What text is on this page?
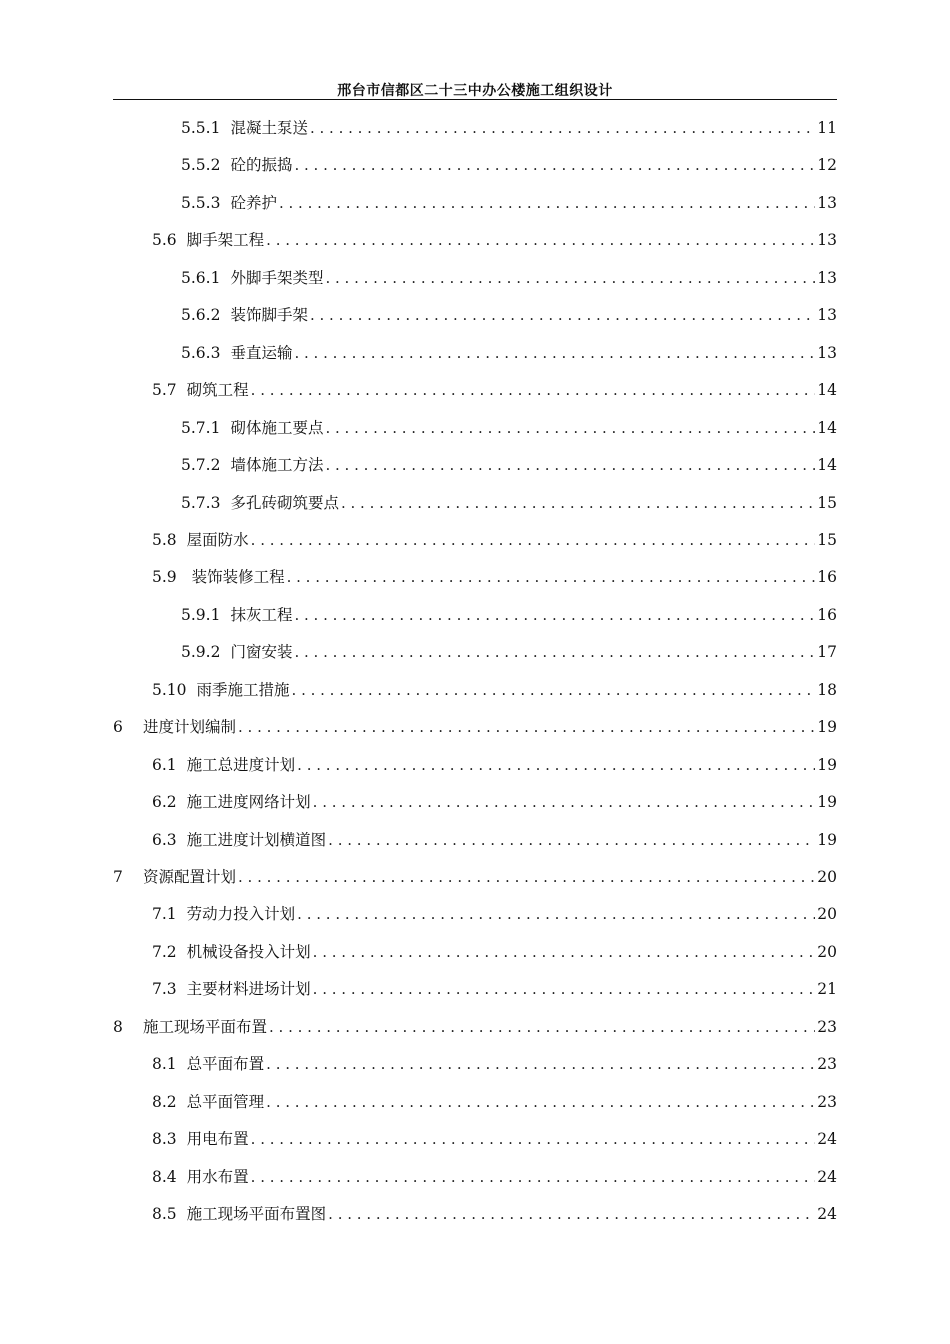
邢台市信都区二十三中办公楼施工组织设计
5.5.1 混凝土泵送 . . .	11
5.5.2 砼的振捣 . . .	12
5.5.3 砼养护 . . .	13
5.6 脚手架工程 . . .	13
5.6.1 外脚手架类型 . . .	13
5.6.2 装饰脚手架 . . .	13
5.6.3 垂直运输 . . .	13
5.7 砌筑工程 . . .	14
5.7.1 砌体施工要点 . . .	14
5.7.2 墙体施工方法 . . .	14
5.7.3 多孔砖砌筑要点 . . .	15
5.8 屋面防水 . . .	15
5.9 装饰装修工程 . . .	16
5.9.1 抹灰工程 . . .	16
5.9.2 门窗安装 . . .	17
5.10 雨季施工措施 . . .	18
6	进度计划编制 . . .	19
6.1 施工总进度计划 . . .	19
6.2 施工进度网络计划 . . .	19
6.3 施工进度计划横道图 . . .	19
7	资源配置计划 . . .	20
7.1 劳动力投入计划 . . .	20
7.2 机械设备投入计划 . . .	20
7.3 主要材料进场计划 . . .	21
8	施工现场平面布置 . . .	23
8.1 总平面布置 . . .	23
8.2 总平面管理 . . .	23
8.3 用电布置 . . .	24
8.4 用水布置 . . .	24
8.5 施工现场平面布置图 . . .	24
